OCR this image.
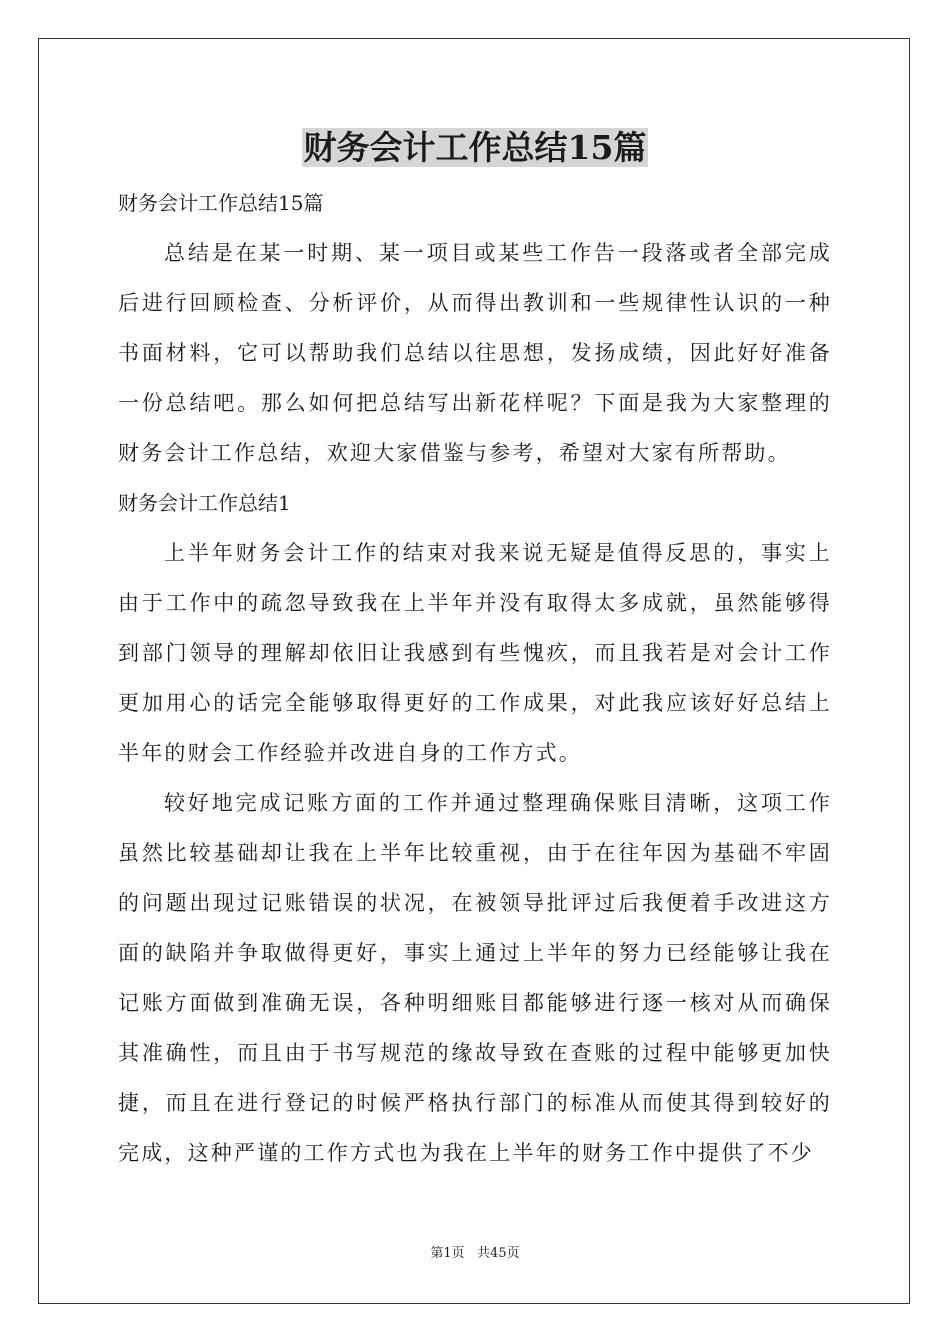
财务会计工作总结15篇
财务会计工作总结15篇

总结是在某一时期、某一项目或某些工作告一段落或者全部完成后进行回顾检查、分析评价，从而得出教训和一些规律性认识的一种书面材料，它可以帮助我们总结以往思想，发扬成绩，因此好好准备一份总结吧。那么如何把总结写出新花样呢？下面是我为大家整理的财务会计工作总结，欢迎大家借鉴与参考，希望对大家有所帮助。

财务会计工作总结1

上半年财务会计工作的结束对我来说无疑是值得反思的，事实上由于工作中的疏忽导致我在上半年并没有取得太多成就，虽然能够得到部门领导的理解却依旧让我感到有些愧疚，而且我若是对会计工作更加用心的话完全能够取得更好的工作成果，对此我应该好好总结上半年的财会工作经验并改进自身的工作方式。

较好地完成记账方面的工作并通过整理确保账目清晰，这项工作虽然比较基础却让我在上半年比较重视，由于在往年因为基础不牢固的问题出现过记账错误的状况，在被领导批评过后我便着手改进这方面的缺陷并争取做得更好，事实上通过上半年的努力已经能够让我在记账方面做到准确无误，各种明细账目都能够进行逐一核对从而确保其准确性，而且由于书写规范的缘故导致在查账的过程中能够更加快捷，而且在进行登记的时候严格执行部门的标准从而使其得到较好的完成，这种严谨的工作方式也为我在上半年的财务工作中提供了不少

第1页   共45页
